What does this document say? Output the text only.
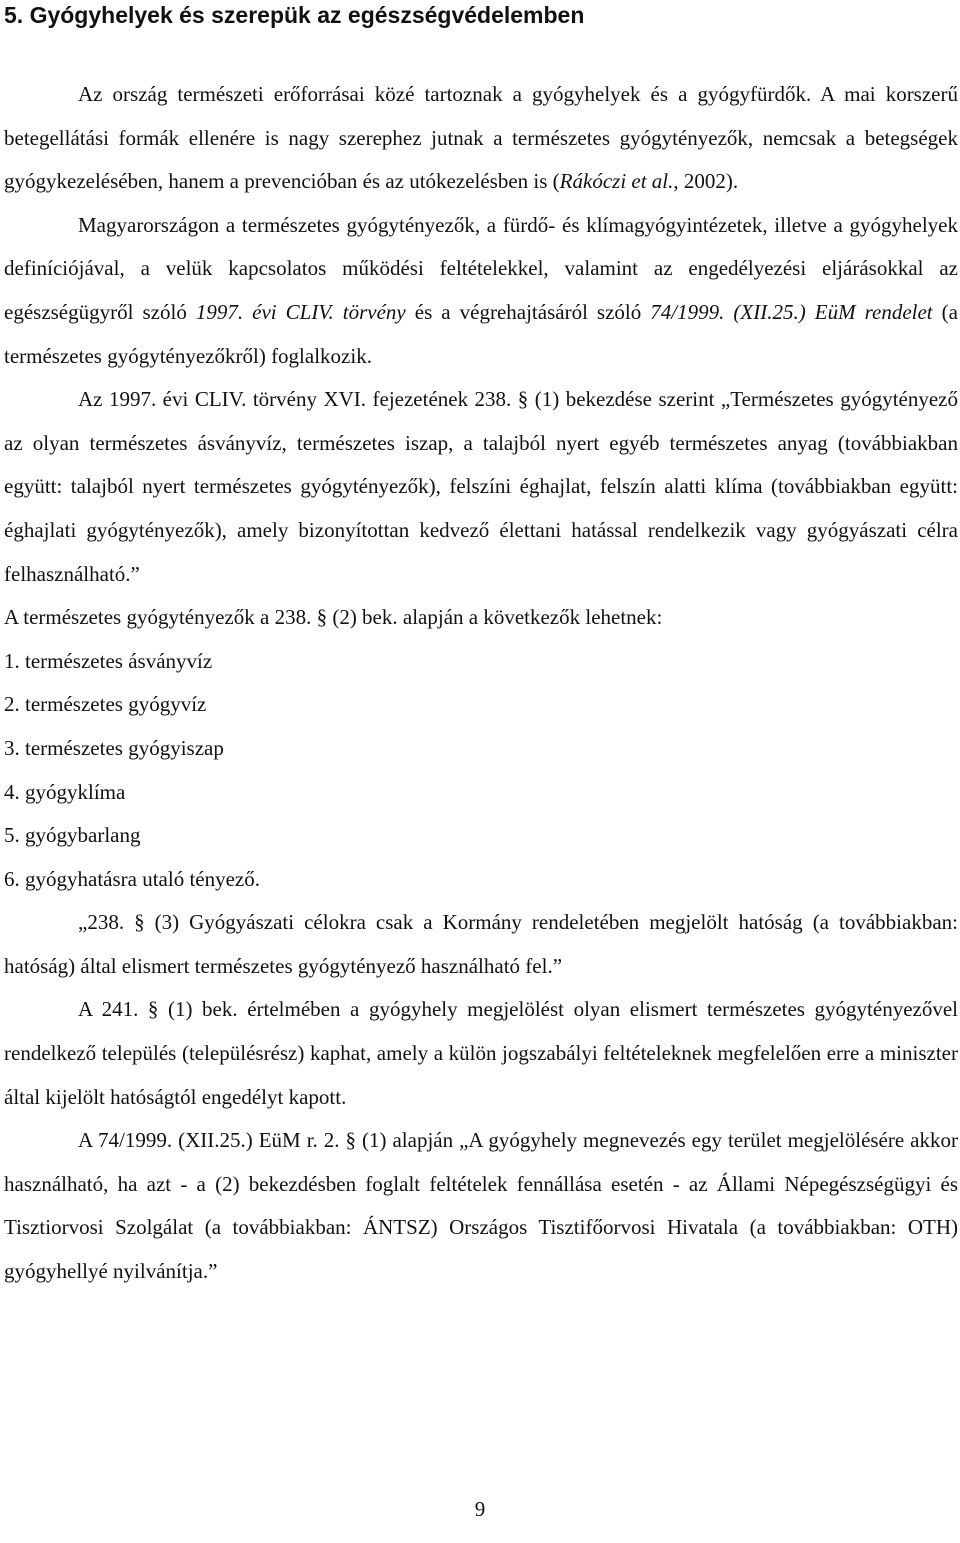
5. Gyógyhelyek és szerepük az egészségvédelemben

Az ország természeti erőforrásai közé tartoznak a gyógyhelyek és a gyógyfürdők. A mai korszerű betegellátási formák ellenére is nagy szerephez jutnak a természetes gyógytényezők, nemcsak a betegségek gyógykezelésében, hanem a prevencióban és az utókezelésben is (Rákóczi et al., 2002).

Magyarországon a természetes gyógytényezők, a fürdő- és klímagyógyintézetek, illetve a gyógyhelyek definíciójával, a velük kapcsolatos működési feltételekkel, valamint az engedélyezési eljárásokkal az egészségügyről szóló 1997. évi CLIV. törvény és a végrehajtásáról szóló 74/1999. (XII.25.) EüM rendelet (a természetes gyógytényezőkről) foglalkozik.

Az 1997. évi CLIV. törvény XVI. fejezetének 238. § (1) bekezdése szerint „Természetes gyógytényező az olyan természetes ásványvíz, természetes iszap, a talajból nyert egyéb természetes anyag (továbbiakban együtt: talajból nyert természetes gyógytényezők), felszíni éghajlat, felszín alatti klíma (továbbiakban együtt: éghajlati gyógytényezők), amely bizonyítottan kedvező élettani hatással rendelkezik vagy gyógyászati célra felhasználható.”

A természetes gyógytényezők a 238. § (2) bek. alapján a következők lehetnek:

1. természetes ásványvíz

2. természetes gyógyvíz

3. természetes gyógyiszap

4. gyógyklíma

5. gyógybarlang

6. gyógyhatásra utaló tényező.

„238. § (3) Gyógyászati célokra csak a Kormány rendeletében megjelölt hatóság (a továbbiakban: hatóság) által elismert természetes gyógytényező használható fel.”

A 241. § (1) bek. értelmében a gyógyhely megjelölést olyan elismert természetes gyógytényezővel rendelkező település (településrész) kaphat, amely a külön jogszabályi feltételeknek megfelelően erre a miniszter által kijelölt hatóságtól engedélyt kapott.

A 74/1999. (XII.25.) EüM r. 2. § (1) alapján „A gyógyhely megnevezés egy terület megjelölésére akkor használható, ha azt - a (2) bekezdésben foglalt feltételek fennállása esetén - az Állami Népegészségügyi és Tisztiorvosi Szolgálat (a továbbiakban: ÁNTSZ) Országos Tisztifőorvosi Hivatala (a továbbiakban: OTH) gyógyhellyé nyilvánítja.”

9
